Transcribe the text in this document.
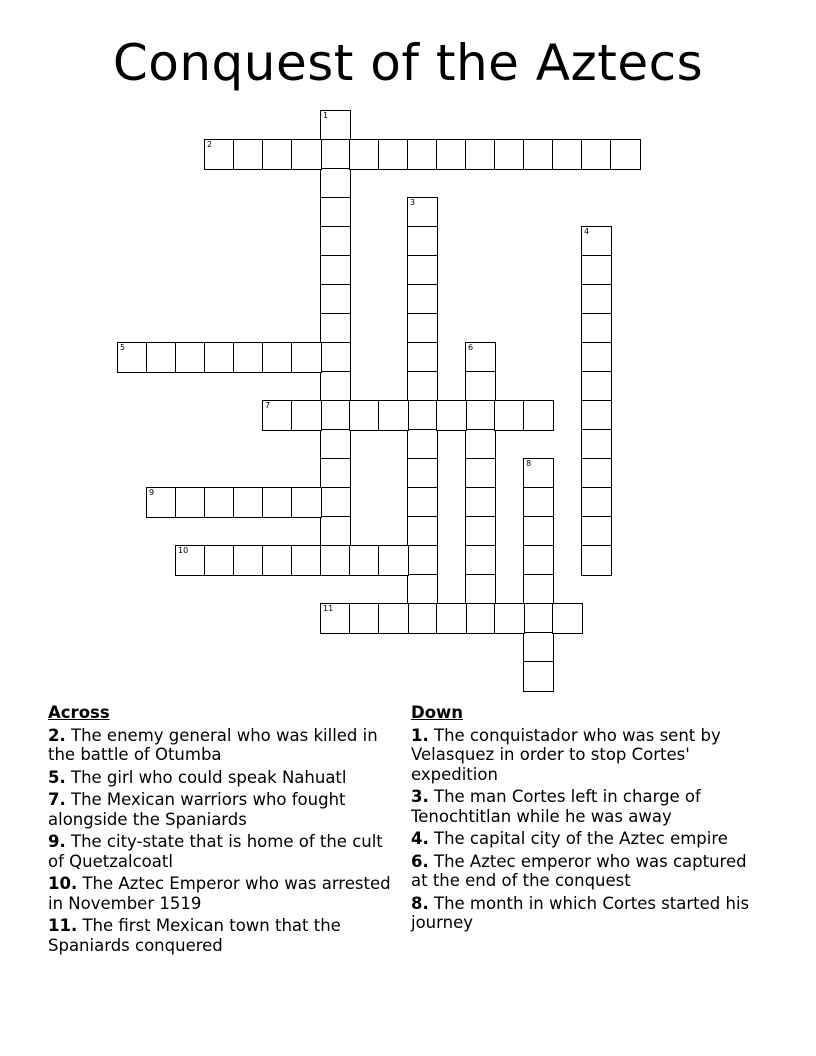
Conquest of the Aztecs
1
2
3
4
5	6
7
8
9
10
11
Across
2. The enemy general who was killed in the battle of Otumba
5. The girl who could speak Nahuatl
7. The Mexican warriors who fought alongside the Spaniards
9. The city-state that is home of the cult of Quetzalcoatl
10. The Aztec Emperor who was arrested in November 1519
11. The first Mexican town that the Spaniards conquered
Down
1. The conquistador who was sent by Velasquez in order to stop Cortes' expedition
3. The man Cortes left in charge of Tenochtitlan while he was away
4. The capital city of the Aztec empire
6. The Aztec emperor who was captured at the end of the conquest
8. The month in which Cortes started his journey
